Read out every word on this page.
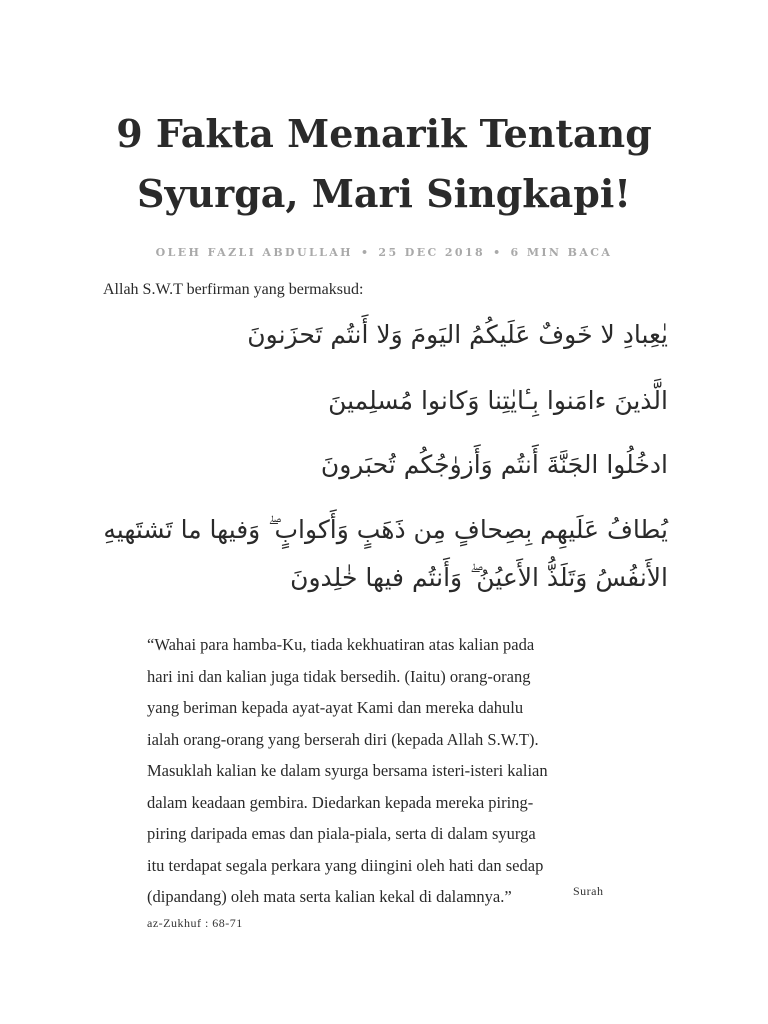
9 Fakta Menarik Tentang Syurga, Mari Singkapi!
OLEH FAZLI ABDULLAH • 25 DEC 2018 • 6 MIN BACA

Allah S.W.T berfirman yang bermaksud:

يٰعِبادِ لا خَوفٌ عَلَيكُمُ اليَومَ وَلا أَنتُم تَحزَنونَ
الَّذينَ ءامَنوا بِـٔايٰتِنا وَكانوا مُسلِمينَ
ادخُلُوا الجَنَّةَ أَنتُم وَأَزوٰجُكُم تُحبَرونَ
يُطافُ عَلَيهِم بِصِحافٍ مِن ذَهَبٍ وَأَكوابٍ ۖ وَفيها ما تَشتَهيهِ
الأَنفُسُ وَتَلَذُّ الأَعيُنُ ۖ وَأَنتُم فيها خٰلِدونَ
“Wahai para hamba-Ku, tiada kekhuatiran atas kalian pada
hari ini dan kalian juga tidak bersedih. (Iaitu) orang-orang
yang beriman kepada ayat-ayat Kami dan mereka dahulu
ialah orang-orang yang berserah diri (kepada Allah S.W.T).
Masuklah kalian ke dalam syurga bersama isteri-isteri kalian
dalam keadaan gembira. Diedarkan kepada mereka piring-
piring daripada emas dan piala-piala, serta di dalam syurga
itu terdapat segala perkara yang diingini oleh hati dan sedap
(dipandang) oleh mata serta kalian kekal di dalamnya.”	Surah
az-Zukhuf : 68-71
